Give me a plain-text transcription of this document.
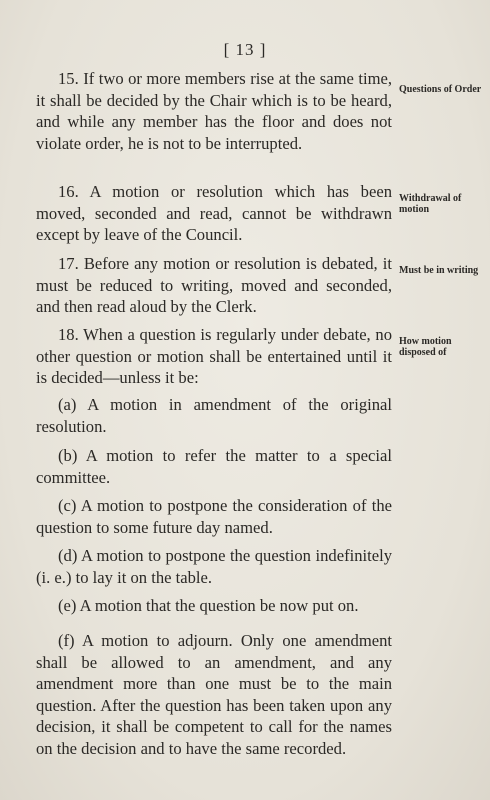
[ 13 ]
15. If two or more members rise at the same time, it shall be decided by the Chair which is to be heard, and while any member has the floor and does not violate order, he is not to be interrupted.
Questions of Order
16. A motion or resolution which has been moved, seconded and read, cannot be withdrawn except by leave of the Council.
Withdrawal of motion
17. Before any motion or resolution is debated, it must be reduced to writing, moved and seconded, and then read aloud by the Clerk.
Must be in writing
18. When a question is regularly under debate, no other question or motion shall be entertained until it is decided—unless it be:
How motion disposed of
(a) A motion in amendment of the original resolution.
(b) A motion to refer the matter to a special committee.
(c) A motion to postpone the consideration of the question to some future day named.
(d) A motion to postpone the question indefinitely (i. e.) to lay it on the table.
(e) A motion that the question be now put on.
(f) A motion to adjourn. Only one amendment shall be allowed to an amendment, and any amendment more than one must be to the main question. After the question has been taken upon any decision, it shall be competent to call for the names on the decision and to have the same recorded.
